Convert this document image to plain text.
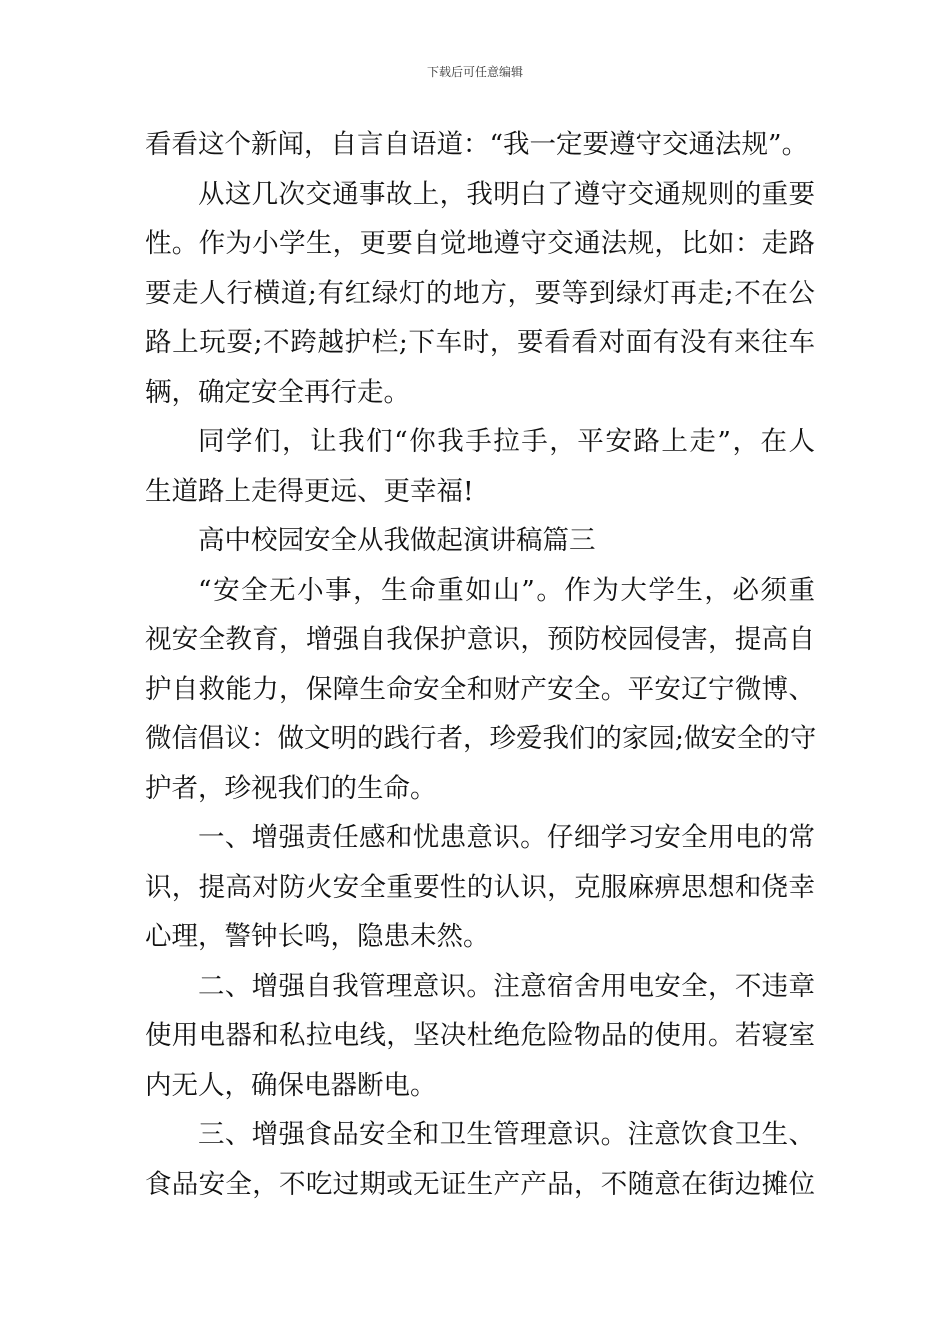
下载后可任意编辑
看看这个新闻，自言自语道：“我一定要遵守交通法规”。
从这几次交通事故上，我明白了遵守交通规则的重要
性。作为小学生，更要自觉地遵守交通法规，比如：走路
要走人行横道;有红绿灯的地方，要等到绿灯再走;不在公
路上玩耍;不跨越护栏;下车时，要看看对面有没有来往车
辆，确定安全再行走。
同学们，让我们“你我手拉手，平安路上走”，在人
生道路上走得更远、更幸福!
高中校园安全从我做起演讲稿篇三
“安全无小事，生命重如山”。作为大学生，必须重
视安全教育，增强自我保护意识，预防校园侵害，提高自
护自救能力，保障生命安全和财产安全。平安辽宁微博、
微信倡议：做文明的践行者，珍爱我们的家园;做安全的守
护者，珍视我们的生命。
一、增强责任感和忧患意识。仔细学习安全用电的常
识，提高对防火安全重要性的认识，克服麻痹思想和侥幸
心理，警钟长鸣，隐患未然。
二、增强自我管理意识。注意宿舍用电安全，不违章
使用电器和私拉电线，坚决杜绝危险物品的使用。若寝室
内无人，确保电器断电。
三、增强食品安全和卫生管理意识。注意饮食卫生、
食品安全，不吃过期或无证生产产品，不随意在街边摊位
